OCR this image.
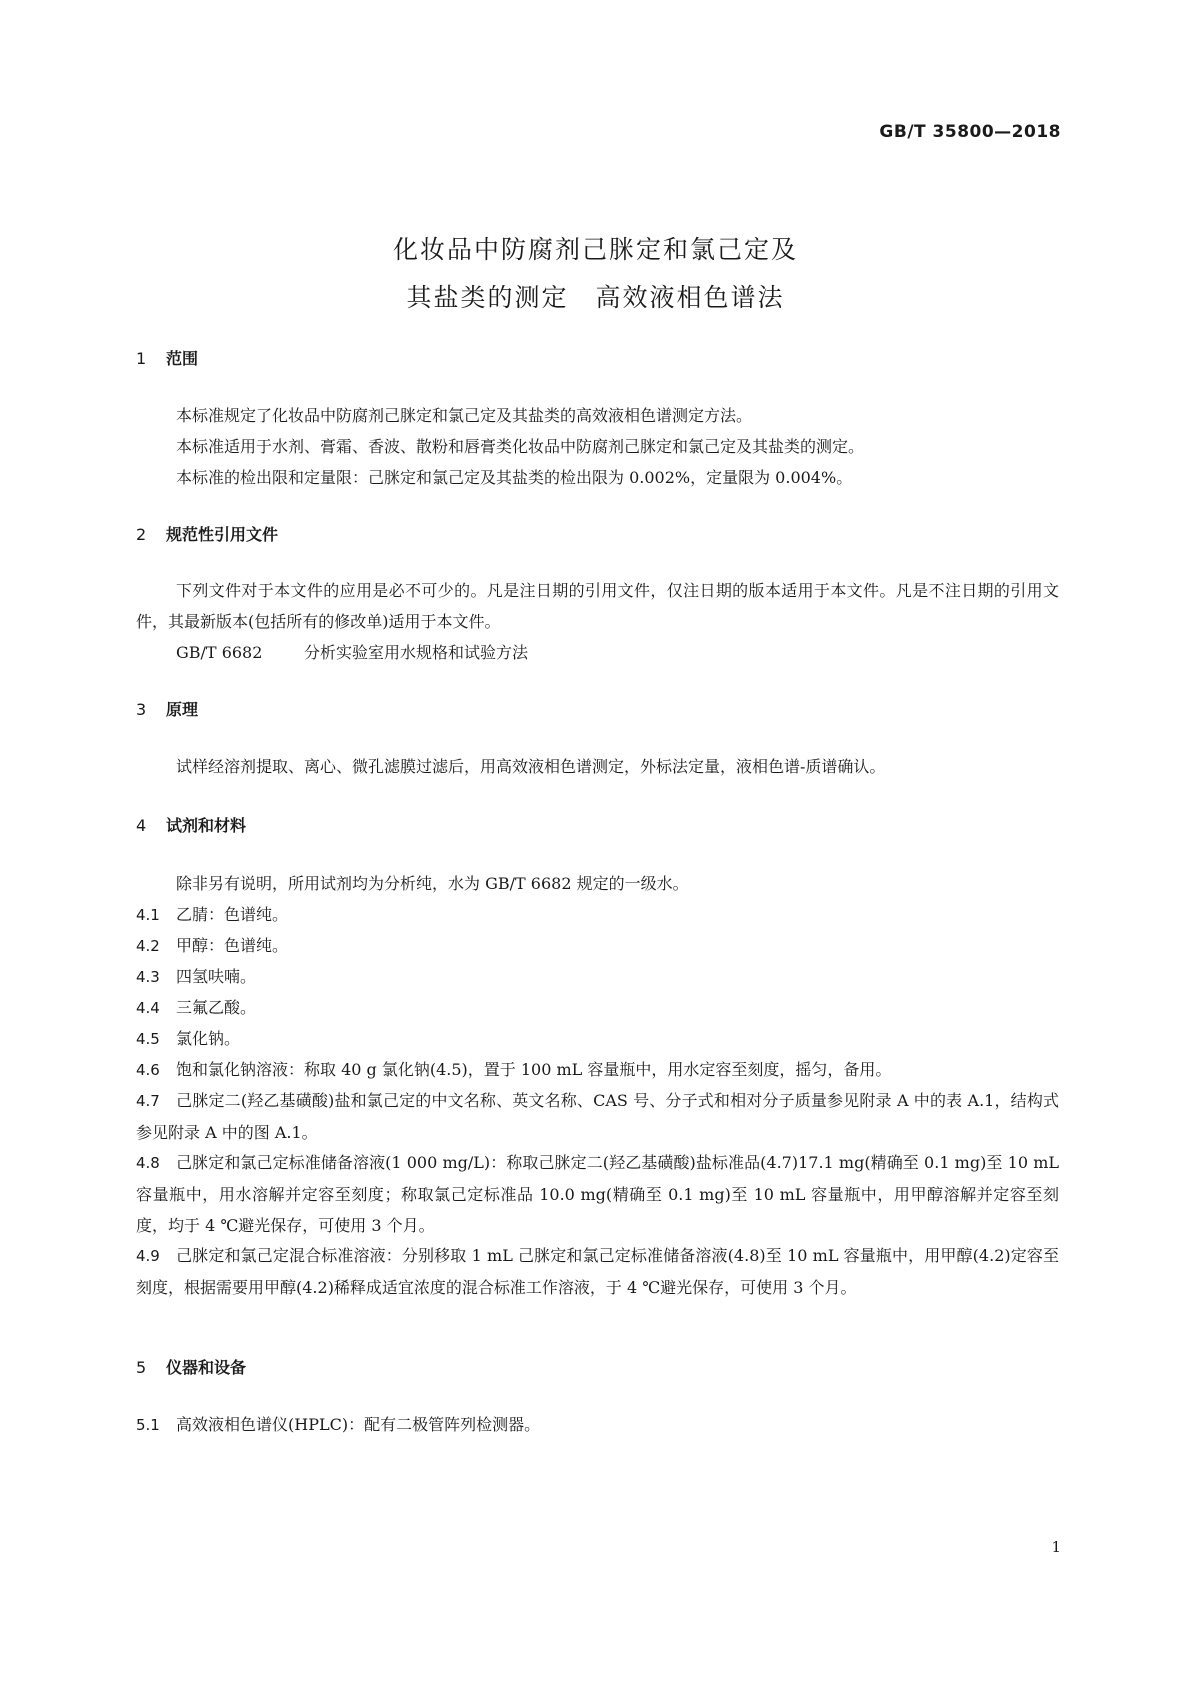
GB/T 35800—2018
化妆品中防腐剂己脒定和氯己定及
其盐类的测定　高效液相色谱法
1 范围
本标准规定了化妆品中防腐剂己脒定和氯己定及其盐类的高效液相色谱测定方法。
本标准适用于水剂、膏霜、香波、散粉和唇膏类化妆品中防腐剂己脒定和氯己定及其盐类的测定。
本标准的检出限和定量限：己脒定和氯己定及其盐类的检出限为 0.002%，定量限为 0.004%。
2 规范性引用文件
下列文件对于本文件的应用是必不可少的。凡是注日期的引用文件，仅注日期的版本适用于本文件。凡是不注日期的引用文件，其最新版本(包括所有的修改单)适用于本文件。
GB/T 6682	分析实验室用水规格和试验方法
3 原理
试样经溶剂提取、离心、微孔滤膜过滤后，用高效液相色谱测定，外标法定量，液相色谱-质谱确认。
4 试剂和材料
除非另有说明，所用试剂均为分析纯，水为 GB/T 6682 规定的一级水。
4.1 乙腈：色谱纯。
4.2 甲醇：色谱纯。
4.3 四氢呋喃。
4.4 三氟乙酸。
4.5 氯化钠。
4.6 饱和氯化钠溶液：称取 40 g 氯化钠(4.5)，置于 100 mL 容量瓶中，用水定容至刻度，摇匀，备用。
4.7 己脒定二(羟乙基磺酸)盐和氯己定的中文名称、英文名称、CAS 号、分子式和相对分子质量参见附录 A 中的表 A.1，结构式参见附录 A 中的图 A.1。
4.8 己脒定和氯己定标准储备溶液(1 000 mg/L)：称取己脒定二(羟乙基磺酸)盐标准品(4.7)17.1 mg(精确至 0.1 mg)至 10 mL 容量瓶中，用水溶解并定容至刻度；称取氯己定标准品 10.0 mg(精确至 0.1 mg)至 10 mL 容量瓶中，用甲醇溶解并定容至刻度，均于 4 ℃避光保存，可使用 3 个月。
4.9 己脒定和氯己定混合标准溶液：分别移取 1 mL 己脒定和氯己定标准储备溶液(4.8)至 10 mL 容量瓶中，用甲醇(4.2)定容至刻度，根据需要用甲醇(4.2)稀释成适宜浓度的混合标准工作溶液，于 4 ℃避光保存，可使用 3 个月。
5 仪器和设备
5.1 高效液相色谱仪(HPLC)：配有二极管阵列检测器。
1
